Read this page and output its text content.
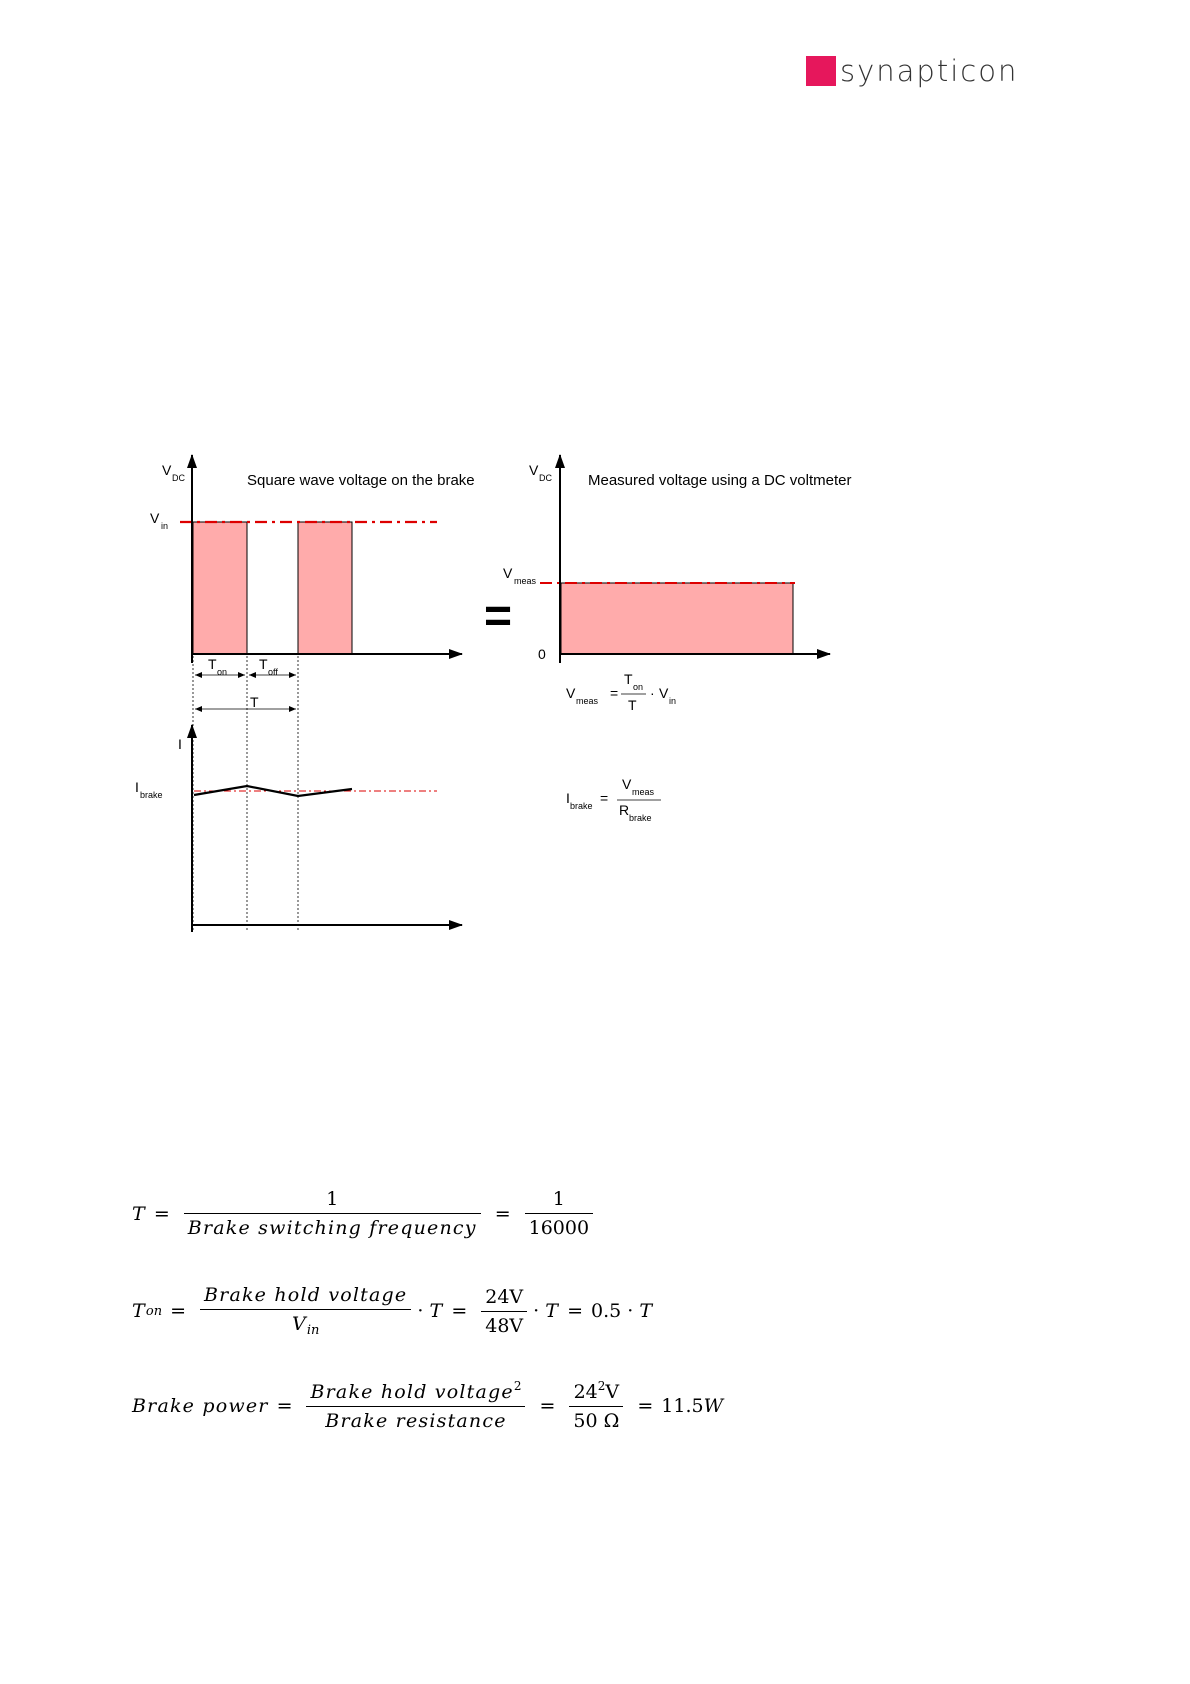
synapticon
V DC	Square wave voltage on the brake
V in
T on T off
T
=
V DC Measured voltage using a DC voltmeter
V meas
0
V meas =
T on
T
· V in
I
I brake	I brake =
V meas
R brake
$T = \frac{1}{\text{Brake switching frequency}} = \frac{1}{16000}$
T on = $\frac{\text{Brake hold voltage}}{V_{in}}$ ·
$T = \frac{24V}{48V}$ ·
T = 0.5
·
T
Brake power = $\frac{Brake hold voltage^2}{\text{Brake resistance}} = \frac{24^2V}{50 \Omega} = 11.5$ W
